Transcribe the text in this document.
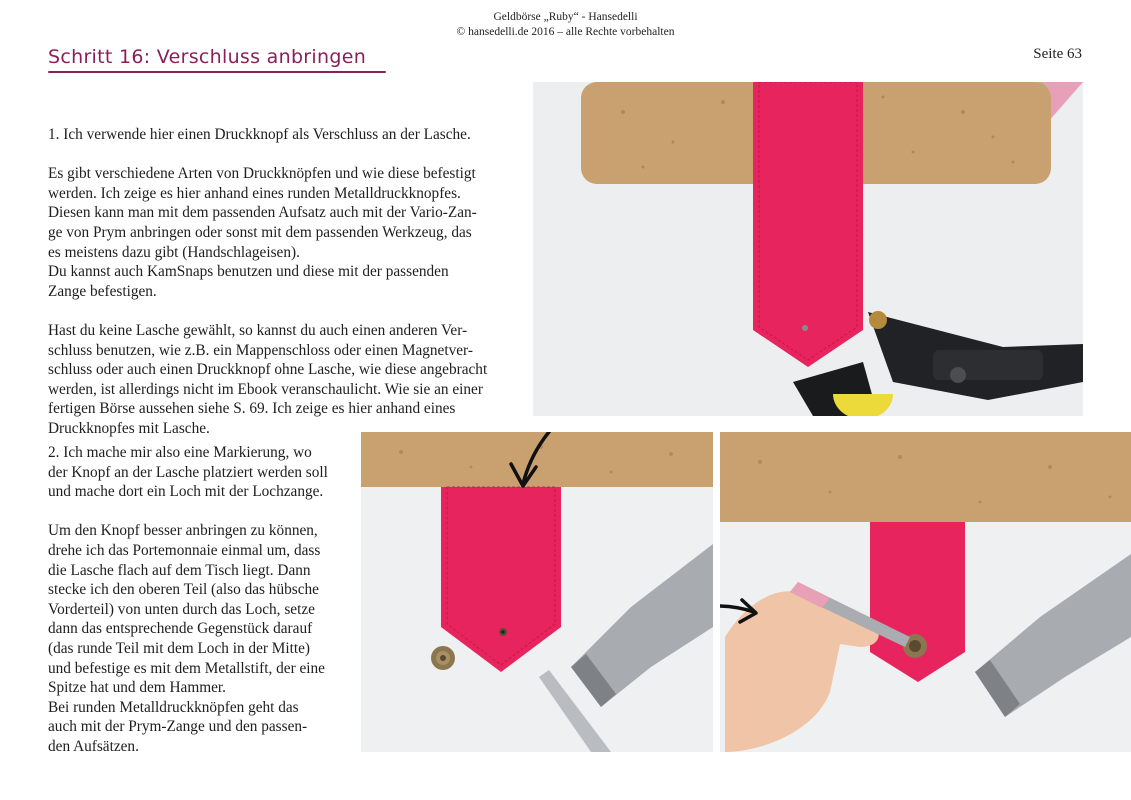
Geldbörse „Ruby“ - Hansedelli
© hansedelli.de 2016 – alle Rechte vorbehalten
Schritt 16: Verschluss anbringen	Seite 63

1. Ich verwende hier einen Druckknopf als Verschluss an der Lasche.

Es gibt verschiedene Arten von Druckknöpfen und wie diese befestigt

werden. Ich zeige es hier anhand eines runden Metalldruckknopfes.

Diesen kann man mit dem passenden Aufsatz auch mit der Vario-Zan-

ge von Prym anbringen oder sonst mit dem passenden Werkzeug, das

es meistens dazu gibt (Handschlageisen).

Du kannst auch KamSnaps benutzen und diese mit der passenden

Zange befestigen.

Hast du keine Lasche gewählt, so kannst du auch einen anderen Ver-

schluss benutzen, wie z.B. ein Mappenschloss oder einen Magnetver-

schluss oder auch einen Druckknopf ohne Lasche, wie diese angebracht

werden, ist allerdings nicht im Ebook veranschaulicht. Wie sie an einer

fertigen Börse aussehen siehe S. 69. Ich zeige es hier anhand eines

Druckknopfes mit Lasche.

2. Ich mache mir also eine Markierung, wo

der Knopf an der Lasche platziert werden soll

und mache dort ein Loch mit der Lochzange.

Um den Knopf besser anbringen zu können,

drehe ich das Portemonnaie einmal um, dass

die Lasche flach auf dem Tisch liegt. Dann

stecke ich den oberen Teil (also das hübsche

Vorderteil) von unten durch das Loch, setze

dann das entsprechende Gegenstück darauf

(das runde Teil mit dem Loch in der Mitte)

und befestige es mit dem Metallstift, der eine

Spitze hat und dem Hammer.

Bei runden Metalldruckknöpfen geht das

auch mit der Prym-Zange und den passen-

den Aufsätzen.
